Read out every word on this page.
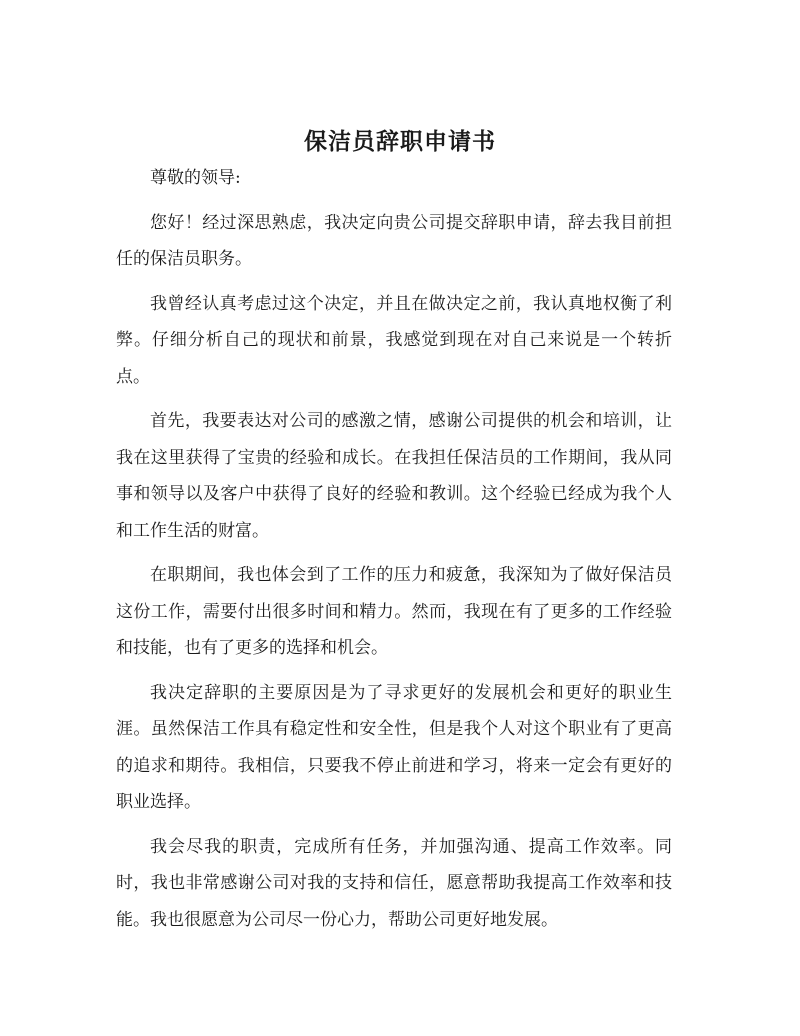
保洁员辞职申请书

尊敬的领导:

您好！经过深思熟虑，我决定向贵公司提交辞职申请，辞去我目前担任的保洁员职务。

我曾经认真考虑过这个决定，并且在做决定之前，我认真地权衡了利弊。仔细分析自己的现状和前景，我感觉到现在对自己来说是一个转折点。

首先，我要表达对公司的感激之情，感谢公司提供的机会和培训，让我在这里获得了宝贵的经验和成长。在我担任保洁员的工作期间，我从同事和领导以及客户中获得了良好的经验和教训。这个经验已经成为我个人和工作生活的财富。

在职期间，我也体会到了工作的压力和疲惫，我深知为了做好保洁员这份工作，需要付出很多时间和精力。然而，我现在有了更多的工作经验和技能，也有了更多的选择和机会。

我决定辞职的主要原因是为了寻求更好的发展机会和更好的职业生涯。虽然保洁工作具有稳定性和安全性，但是我个人对这个职业有了更高的追求和期待。我相信，只要我不停止前进和学习，将来一定会有更好的职业选择。

我会尽我的职责，完成所有任务，并加强沟通、提高工作效率。同时，我也非常感谢公司对我的支持和信任，愿意帮助我提高工作效率和技能。我也很愿意为公司尽一份心力，帮助公司更好地发展。
